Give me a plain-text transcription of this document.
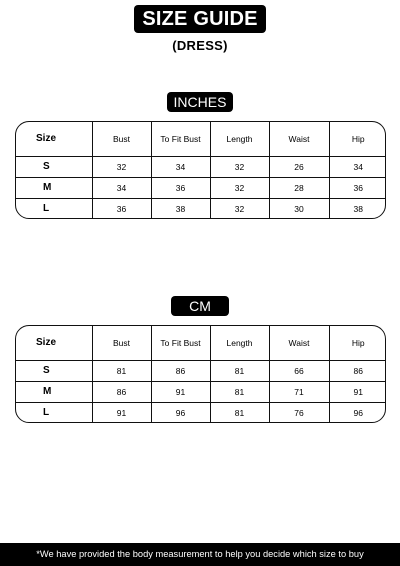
SIZE GUIDE
(DRESS)
INCHES
Size	Bust	To Fit Bust	Length	Waist	Hip
S	32	34	32	26	34
M	34	36	32	28	36
L	36	38	32	30	38
CM
Size	Bust	To Fit Bust	Length	Waist	Hip
S	81	86	81	66	86
M	86	91	81	71	91
L	91	96	81	76	96
*We have provided the body measurement to help you decide which size to buy
